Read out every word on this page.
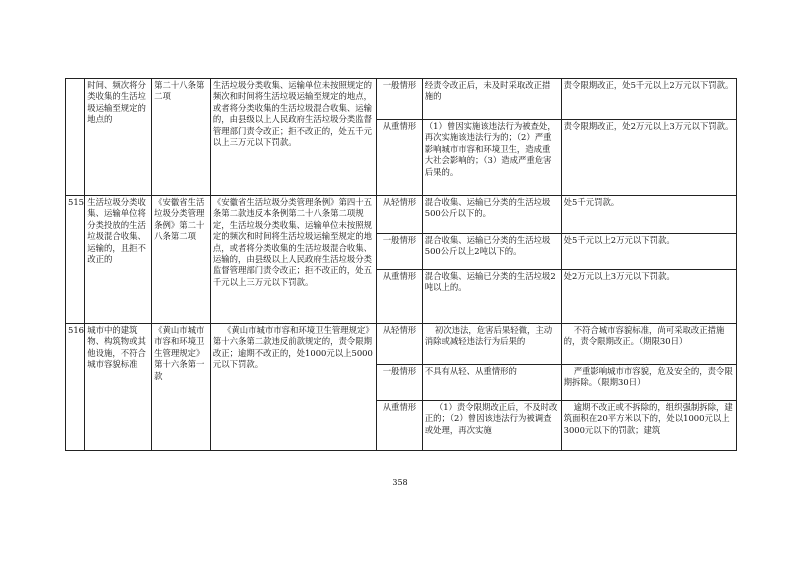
	时间、频次将分类收集的生活垃圾运输至规定的地点的	第二十八条第二项	生活垃圾分类收集、运输单位未按照规定的频次和时间将生活垃圾运输至规定的地点，或者将分类收集的生活垃圾混合收集、运输的，由县级以上人民政府生活垃圾分类监督管理部门责令改正；拒不改正的，处五千元以上三万元以下罚款。	一般情形	经责令改正后，未及时采取改正措施的	责令限期改正，处5千元以上2万元以下罚款。
				从重情形	（1）曾因实施该违法行为被查处，再次实施该违法行为的；（2）严重影响城市市容和环境卫生，造成重大社会影响的；（3）造成严重危害后果的。	责令限期改正，处2万元以上3万元以下罚款。
515	生活垃圾分类收集、运输单位将分类投放的生活垃圾混合收集、运输的，且拒不改正的	《安徽省生活垃圾分类管理条例》第二十八条第二项	《安徽省生活垃圾分类管理条例》第四十五条第二款违反本条例第二十八条第二项规定，生活垃圾分类收集、运输单位未按照规定的频次和时间将生活垃圾运输至规定的地点，或者将分类收集的生活垃圾混合收集、运输的，由县级以上人民政府生活垃圾分类监督管理部门责令改正；拒不改正的，处五千元以上三万元以下罚款。	从轻情形	混合收集、运输已分类的生活垃圾500公斤以下的。	处5千元罚款。
				一般情形	混合收集、运输已分类的生活垃圾500公斤以上2吨以下的。	处5千元以上2万元以下罚款。
				从重情形	混合收集、运输已分类的生活垃圾2吨以上的。	处2万元以上3万元以下罚款。
516	城市中的建筑物、构筑物或其他设施，不符合城市容貌标准	《黄山市城市市容和环境卫生管理规定》第十六条第一款	《黄山市城市市容和环境卫生管理规定》第十六条第二款违反前款规定的，责令限期改正；逾期不改正的，处1000元以上5000元以下罚款。	从轻情形	初次违法，危害后果轻微，主动消除或减轻违法行为后果的	不符合城市容貌标准，尚可采取改正措施的，责令限期改正。（期限30日）
				一般情形	不具有从轻、从重情形的	严重影响城市市容貌，危及安全的，责令限期拆除。（限期30日）
				从重情形	（1）责令限期改正后，不及时改正的；（2）曾因该违法行为被调查或处理，再次实施	逾期不改正或不拆除的，组织强制拆除，建筑面积在20平方米以下的，处以1000元以上3000元以下的罚款；建筑
358
